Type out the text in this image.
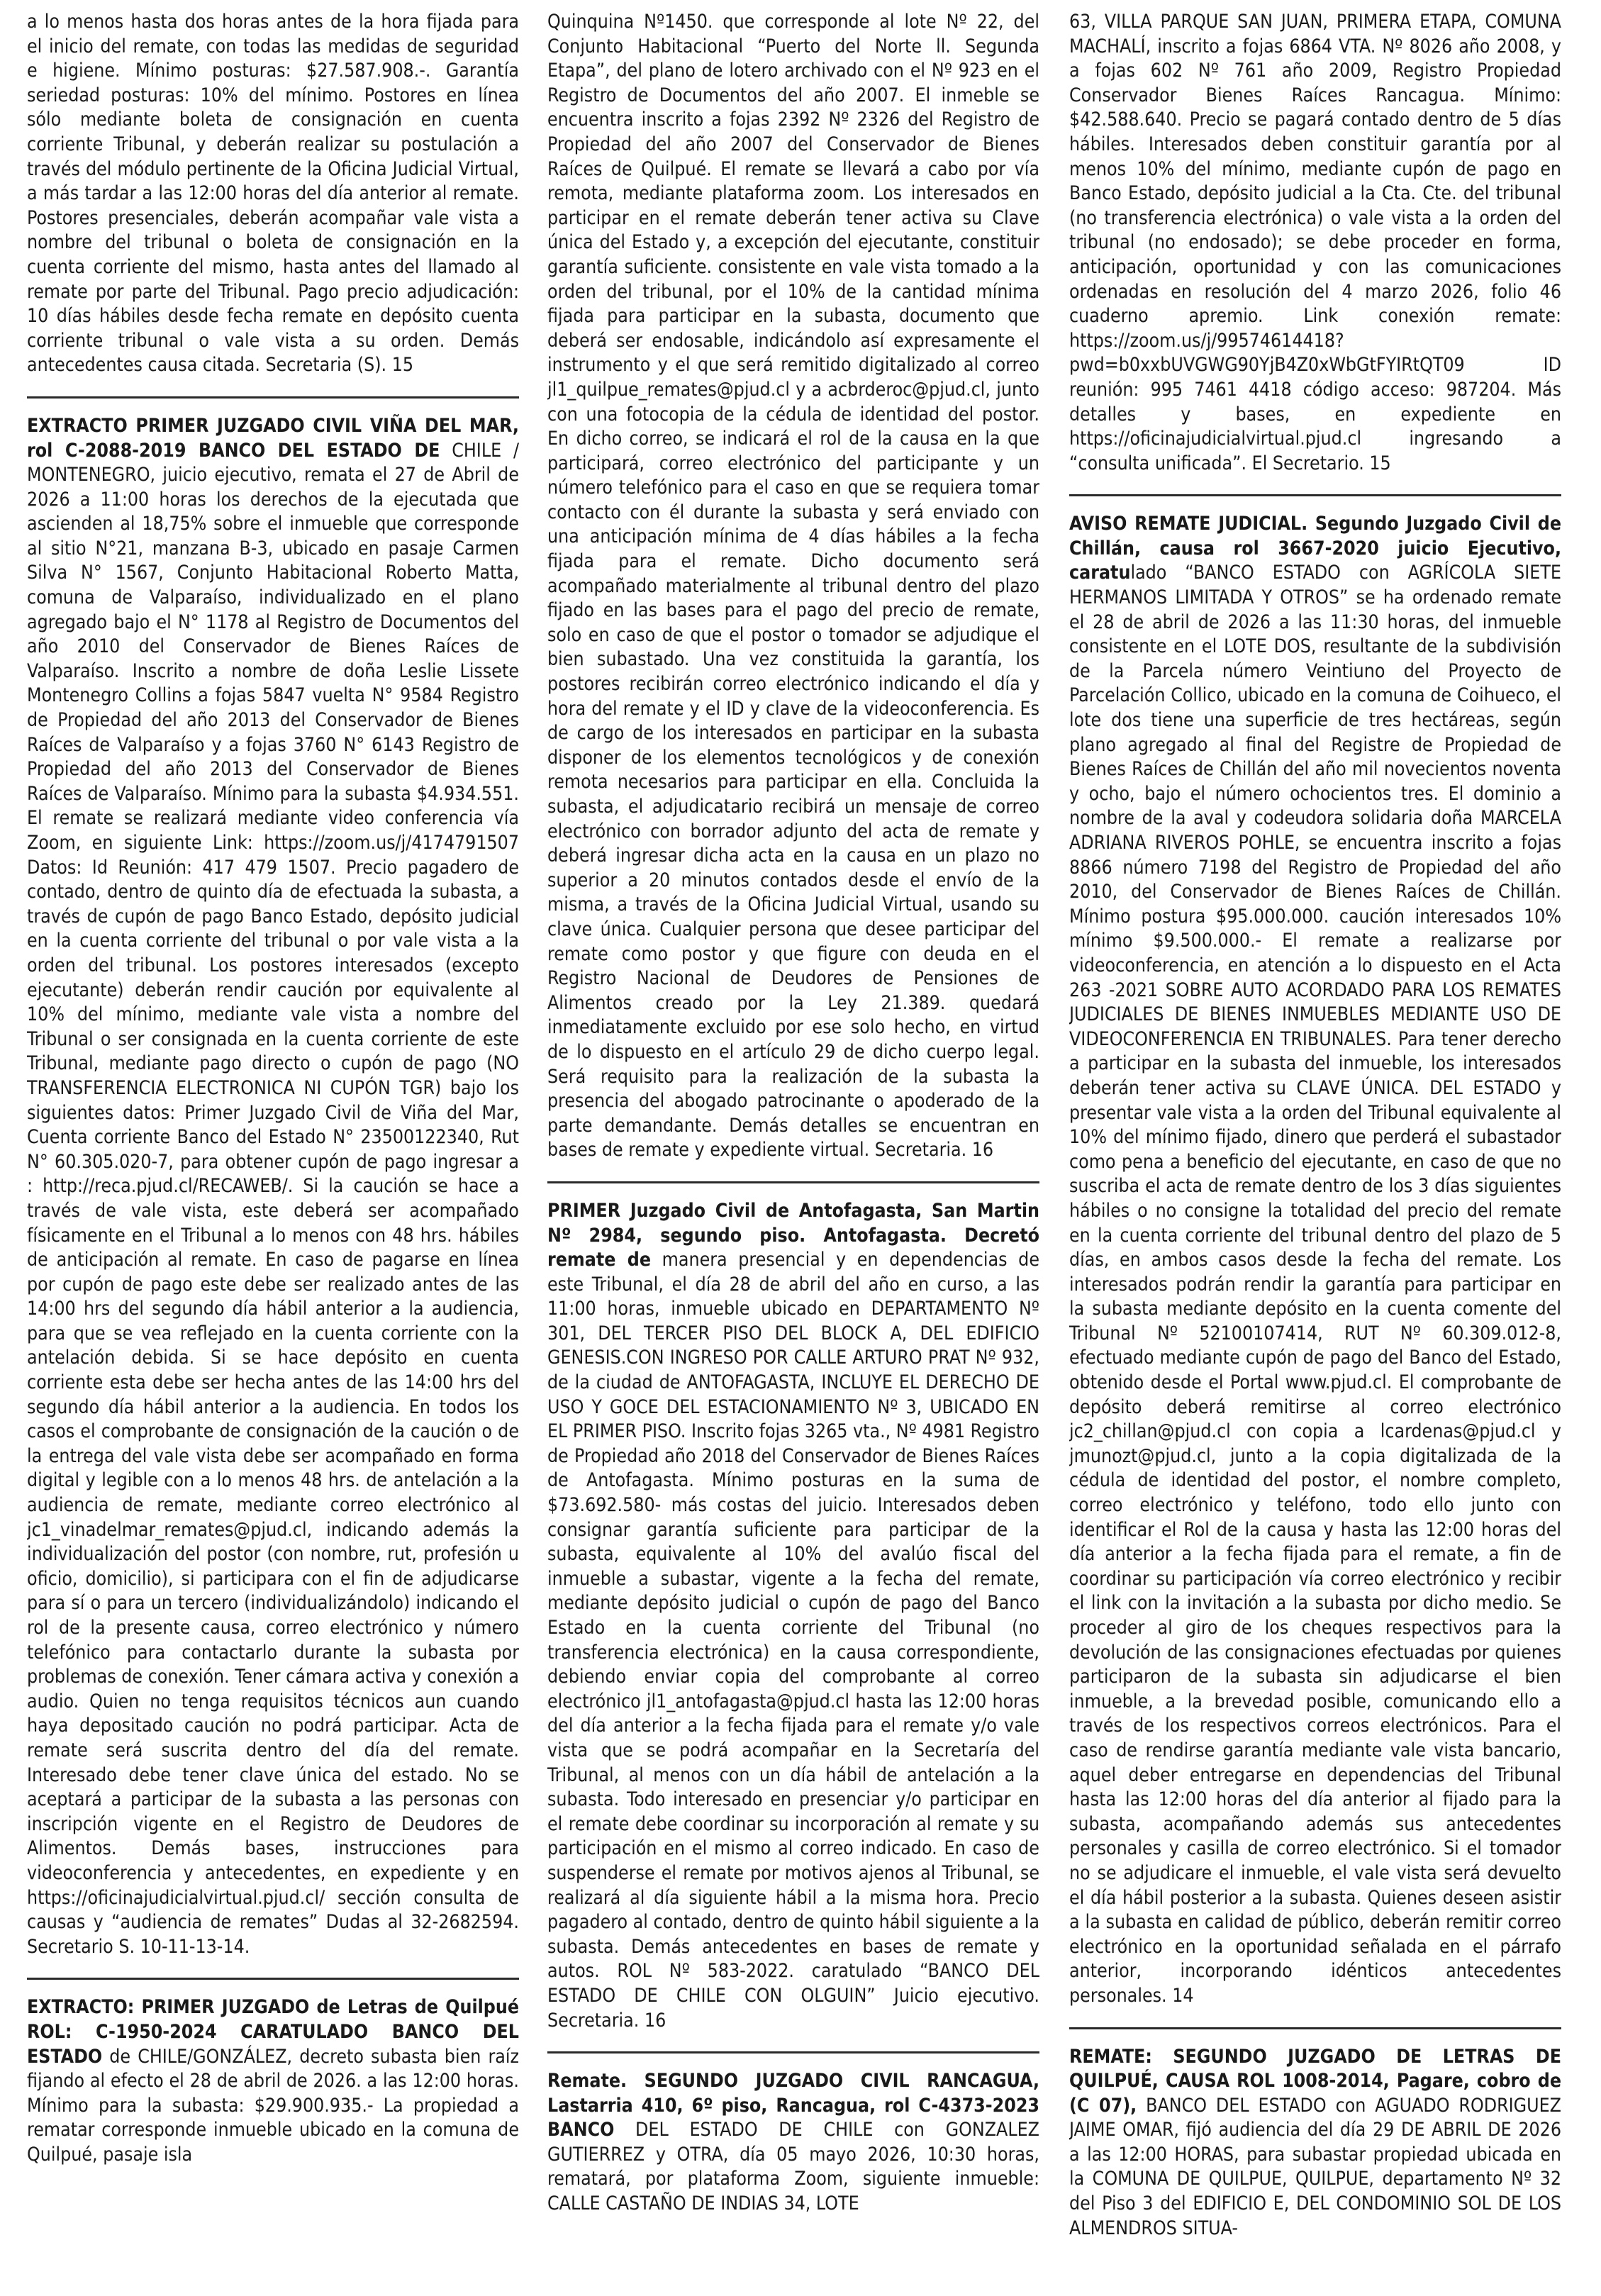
a lo menos hasta dos horas antes de la hora fijada para el inicio del remate, con todas las medidas de seguridad e higiene. Mínimo posturas: $27.587.908.-. Garantía seriedad posturas: 10% del mínimo. Postores en línea sólo mediante boleta de consignación en cuenta corriente Tribunal, y deberán realizar su postulación a través del módulo pertinente de la Oficina Judicial Virtual, a más tardar a las 12:00 horas del día anterior al remate. Postores presenciales, deberán acompañar vale vista a nombre del tribunal o boleta de consignación en la cuenta corriente del mismo, hasta antes del llamado al remate por parte del Tribunal. Pago precio adjudicación: 10 días hábiles desde fecha remate en depósito cuenta corriente tribunal o vale vista a su orden. Demás antecedentes causa citada. Secretaria (S). 15

EXTRACTO PRIMER JUZGADO CIVIL VIÑA DEL MAR, rol C-2088-2019 BANCO DEL ESTADO DE CHILE / MONTENEGRO, juicio ejecutivo, remata el 27 de Abril de 2026 a 11:00 horas los derechos de la ejecutada que ascienden al 18,75% sobre el inmueble que corresponde al sitio N°21, manzana B-3, ubicado en pasaje Carmen Silva N° 1567, Conjunto Habitacional Roberto Matta, comuna de Valparaíso, individualizado en el plano agregado bajo el N° 1178 al Registro de Documentos del año 2010 del Conservador de Bienes Raíces de Valparaíso. Inscrito a nombre de doña Leslie Lissete Montenegro Collins a fojas 5847 vuelta N° 9584 Registro de Propiedad del año 2013 del Conservador de Bienes Raíces de Valparaíso y a fojas 3760 N° 6143 Registro de Propiedad del año 2013 del Conservador de Bienes Raíces de Valparaíso. Mínimo para la subasta $4.934.551. El remate se realizará mediante video conferencia vía Zoom, en siguiente Link: https://zoom.us/j/4174791507 Datos: Id Reunión: 417 479 1507. Precio pagadero de contado, dentro de quinto día de efectuada la subasta, a través de cupón de pago Banco Estado, depósito judicial en la cuenta corriente del tribunal o por vale vista a la orden del tribunal. Los postores interesados (excepto ejecutante) deberán rendir caución por equivalente al 10% del mínimo, mediante vale vista a nombre del Tribunal o ser consignada en la cuenta corriente de este Tribunal, mediante pago directo o cupón de pago (NO TRANSFERENCIA ELECTRONICA NI CUPÓN TGR) bajo los siguientes datos: Primer Juzgado Civil de Viña del Mar, Cuenta corriente Banco del Estado N° 23500122340, Rut N° 60.305.020-7, para obtener cupón de pago ingresar a : http://reca.pjud.cl/RECAWEB/. Si la caución se hace a través de vale vista, este deberá ser acompañado físicamente en el Tribunal a lo menos con 48 hrs. hábiles de anticipación al remate. En caso de pagarse en línea por cupón de pago este debe ser realizado antes de las 14:00 hrs del segundo día hábil anterior a la audiencia, para que se vea reflejado en la cuenta corriente con la antelación debida. Si se hace depósito en cuenta corriente esta debe ser hecha antes de las 14:00 hrs del segundo día hábil anterior a la audiencia. En todos los casos el comprobante de consignación de la caución o de la entrega del vale vista debe ser acompañado en forma digital y legible con a lo menos 48 hrs. de antelación a la audiencia de remate, mediante correo electrónico al jc1_vinadelmar_remates@pjud.cl, indicando además la individualización del postor (con nombre, rut, profesión u oficio, domicilio), si participara con el fin de adjudicarse para sí o para un tercero (individualizándolo) indicando el rol de la presente causa, correo electrónico y número telefónico para contactarlo durante la subasta por problemas de conexión. Tener cámara activa y conexión a audio. Quien no tenga requisitos técnicos aun cuando haya depositado caución no podrá participar. Acta de remate será suscrita dentro del día del remate. Interesado debe tener clave única del estado. No se aceptará a participar de la subasta a las personas con inscripción vigente en el Registro de Deudores de Alimentos. Demás bases, instrucciones para videoconferencia y antecedentes, en expediente y en https://oficinajudicialvirtual.pjud.cl/ sección consulta de causas y “audiencia de remates” Dudas al 32-2682594. Secretario S. 10-11-13-14.

EXTRACTO: PRIMER JUZGADO de Letras de Quilpué ROL: C-1950-2024 CARATULADO BANCO DEL ESTADO de CHILE/GONZÁLEZ, decreto subasta bien raíz fijando al efecto el 28 de abril de 2026. a las 12:00 horas. Mínimo para la subasta: $29.900.935.- La propiedad a rematar corresponde inmueble ubicado en la comuna de Quilpué, pasaje isla

Quinquina Nº1450. que corresponde al lote Nº 22, del Conjunto Habitacional “Puerto del Norte ll. Segunda Etapa”, del plano de lotero archivado con el Nº 923 en el Registro de Documentos del año 2007. El inmeble se encuentra inscrito a fojas 2392 Nº 2326 del Registro de Propiedad del año 2007 del Conservador de Bienes Raíces de Quilpué. El remate se llevará a cabo por vía remota, mediante plataforma zoom. Los interesados en participar en el remate deberán tener activa su Clave única del Estado y, a excepción del ejecutante, constituir garantía suficiente. consistente en vale vista tomado a la orden del tribunal, por el 10% de la cantidad mínima fijada para participar en la subasta, documento que deberá ser endosable, indicándolo así expresamente el instrumento y el que será remitido digitalizado al correo jl1_quilpue_remates@pjud.cl y a acbrderoc@pjud.cl, junto con una fotocopia de la cédula de identidad del postor. En dicho correo, se indicará el rol de la causa en la que participará, correo electrónico del participante y un número telefónico para el caso en que se requiera tomar contacto con él durante la subasta y será enviado con una anticipación mínima de 4 días hábiles a la fecha fijada para el remate. Dicho documento será acompañado materialmente al tribunal dentro del plazo fijado en las bases para el pago del precio de remate, solo en caso de que el postor o tomador se adjudique el bien subastado. Una vez constituida la garantía, los postores recibirán correo electrónico indicando el día y hora del remate y el ID y clave de la videoconferencia. Es de cargo de los interesados en participar en la subasta disponer de los elementos tecnológicos y de conexión remota necesarios para participar en ella. Concluida la subasta, el adjudicatario recibirá un mensaje de correo electrónico con borrador adjunto del acta de remate y deberá ingresar dicha acta en la causa en un plazo no superior a 20 minutos contados desde el envío de la misma, a través de la Oficina Judicial Virtual, usando su clave única. Cualquier persona que desee participar del remate como postor y que figure con deuda en el Registro Nacional de Deudores de Pensiones de Alimentos creado por la Ley 21.389. quedará inmediatamente excluido por ese solo hecho, en virtud de lo dispuesto en el artículo 29 de dicho cuerpo legal. Será requisito para la realización de la subasta la presencia del abogado patrocinante o apoderado de la parte demandante. Demás detalles se encuentran en bases de remate y expediente virtual. Secretaria. 16

PRIMER Juzgado Civil de Antofagasta, San Martin Nº 2984, segundo piso. Antofagasta. Decretó remate de manera presencial y en dependencias de este Tribunal, el día 28 de abril del año en curso, a las 11:00 horas, inmueble ubicado en DEPARTAMENTO Nº 301, DEL TERCER PISO DEL BLOCK A, DEL EDIFICIO GENESIS.CON INGRESO POR CALLE ARTURO PRAT Nº 932, de la ciudad de ANTOFAGASTA, INCLUYE EL DERECHO DE USO Y GOCE DEL ESTACIONAMIENTO Nº 3, UBICADO EN EL PRIMER PISO. Inscrito fojas 3265 vta., Nº 4981 Registro de Propiedad año 2018 del Conservador de Bienes Raíces de Antofagasta. Mínimo posturas en la suma de $73.692.580- más costas del juicio. Interesados deben consignar garantía suficiente para participar de la subasta, equivalente al 10% del avalúo fiscal del inmueble a subastar, vigente a la fecha del remate, mediante depósito judicial o cupón de pago del Banco Estado en la cuenta corriente del Tribunal (no transferencia electrónica) en la causa correspondiente, debiendo enviar copia del comprobante al correo electrónico jl1_antofagasta@pjud.cl hasta las 12:00 horas del día anterior a la fecha fijada para el remate y/o vale vista que se podrá acompañar en la Secretaría del Tribunal, al menos con un día hábil de antelación a la subasta. Todo interesado en presenciar y/o participar en el remate debe coordinar su incorporación al remate y su participación en el mismo al correo indicado. En caso de suspenderse el remate por motivos ajenos al Tribunal, se realizará al día siguiente hábil a la misma hora. Precio pagadero al contado, dentro de quinto hábil siguiente a la subasta. Demás antecedentes en bases de remate y autos. ROL Nº 583-2022. caratulado “BANCO DEL ESTADO DE CHILE CON OLGUIN” Juicio ejecutivo. Secretaria. 16

Remate. SEGUNDO JUZGADO CIVIL RANCAGUA, Lastarria 410, 6º piso, Rancagua, rol C-4373-2023 BANCO DEL ESTADO DE CHILE con GONZALEZ GUTIERREZ y OTRA, día 05 mayo 2026, 10:30 horas, rematará, por plataforma Zoom, siguiente inmueble: CALLE CASTAÑO DE INDIAS 34, LOTE

63, VILLA PARQUE SAN JUAN, PRIMERA ETAPA, COMUNA MACHALÍ, inscrito a fojas 6864 VTA. Nº 8026 año 2008, y a fojas 602 Nº 761 año 2009, Registro Propiedad Conservador Bienes Raíces Rancagua. Mínimo: $42.588.640. Precio se pagará contado dentro de 5 días hábiles. Interesados deben constituir garantía por al menos 10% del mínimo, mediante cupón de pago en Banco Estado, depósito judicial a la Cta. Cte. del tribunal (no transferencia electrónica) o vale vista a la orden del tribunal (no endosado); se debe proceder en forma, anticipación, oportunidad y con las comunicaciones ordenadas en resolución del 4 marzo 2026, folio 46 cuaderno apremio. Link conexión remate: https://zoom.us/j/99574614418?pwd=b0xxbUVGWG90YjB4Z0xWbGtFYIRtQT09 ID reunión: 995 7461 4418 código acceso: 987204. Más detalles y bases, en expediente en https://oficinajudicialvirtual.pjud.cl ingresando a “consulta unificada”. El Secretario. 15

AVISO REMATE JUDICIAL. Segundo Juzgado Civil de Chillán, causa rol 3667-2020 juicio Ejecutivo, caratulado “BANCO ESTADO con AGRÍCOLA SIETE HERMANOS LIMITADA Y OTROS” se ha ordenado remate el 28 de abril de 2026 a las 11:30 horas, del inmueble consistente en el LOTE DOS, resultante de la subdivisión de la Parcela número Veintiuno del Proyecto de Parcelación Collico, ubicado en la comuna de Coihueco, el lote dos tiene una superficie de tres hectáreas, según plano agregado al final del Registre de Propiedad de Bienes Raíces de Chillán del año mil novecientos noventa y ocho, bajo el número ochocientos tres. El dominio a nombre de la aval y codeudora solidaria doña MARCELA ADRIANA RIVEROS POHLE, se encuentra inscrito a fojas 8866 número 7198 del Registro de Propiedad del año 2010, del Conservador de Bienes Raíces de Chillán. Mínimo postura $95.000.000. caución interesados 10% mínimo $9.500.000.- El remate a realizarse por videoconferencia, en atención a lo dispuesto en el Acta 263 -2021 SOBRE AUTO ACORDADO PARA LOS REMATES JUDICIALES DE BIENES INMUEBLES MEDIANTE USO DE VIDEOCONFERENCIA EN TRIBUNALES. Para tener derecho a participar en la subasta del inmueble, los interesados deberán tener activa su CLAVE ÚNICA. DEL ESTADO y presentar vale vista a la orden del Tribunal equivalente al 10% del mínimo fijado, dinero que perderá el subastador como pena a beneficio del ejecutante, en caso de que no suscriba el acta de remate dentro de los 3 días siguientes hábiles o no consigne la totalidad del precio del remate en la cuenta corriente del tribunal dentro del plazo de 5 días, en ambos casos desde la fecha del remate. Los interesados podrán rendir la garantía para participar en la subasta mediante depósito en la cuenta comente del Tribunal Nº 52100107414, RUT Nº 60.309.012-8, efectuado mediante cupón de pago del Banco del Estado, obtenido desde el Portal www.pjud.cl. El comprobante de depósito deberá remitirse al correo electrónico jc2_chillan@pjud.cl con copia a lcardenas@pjud.cl y jmunozt@pjud.cl, junto a la copia digitalizada de la cédula de identidad del postor, el nombre completo, correo electrónico y teléfono, todo ello junto con identificar el Rol de la causa y hasta las 12:00 horas del día anterior a la fecha fijada para el remate, a fin de coordinar su participación vía correo electrónico y recibir el link con la invitación a la subasta por dicho medio. Se proceder al giro de los cheques respectivos para la devolución de las consignaciones efectuadas por quienes participaron de la subasta sin adjudicarse el bien inmueble, a la brevedad posible, comunicando ello a través de los respectivos correos electrónicos. Para el caso de rendirse garantía mediante vale vista bancario, aquel deber entregarse en dependencias del Tribunal hasta las 12:00 horas del día anterior al fijado para la subasta, acompañando además sus antecedentes personales y casilla de correo electrónico. Si el tomador no se adjudicare el inmueble, el vale vista será devuelto el día hábil posterior a la subasta. Quienes deseen asistir a la subasta en calidad de público, deberán remitir correo electrónico en la oportunidad señalada en el párrafo anterior, incorporando idénticos antecedentes personales. 14

REMATE: SEGUNDO JUZGADO DE LETRAS DE QUILPUÉ, CAUSA ROL 1008-2014, Pagare, cobro de (C 07), BANCO DEL ESTADO con AGUADO RODRIGUEZ JAIME OMAR, fijó audiencia del día 29 DE ABRIL DE 2026 a las 12:00 HORAS, para subastar propiedad ubicada en la COMUNA DE QUILPUE, QUILPUE, departamento Nº 32 del Piso 3 del EDIFICIO E, DEL CONDOMINIO SOL DE LOS ALMENDROS SITUA-
